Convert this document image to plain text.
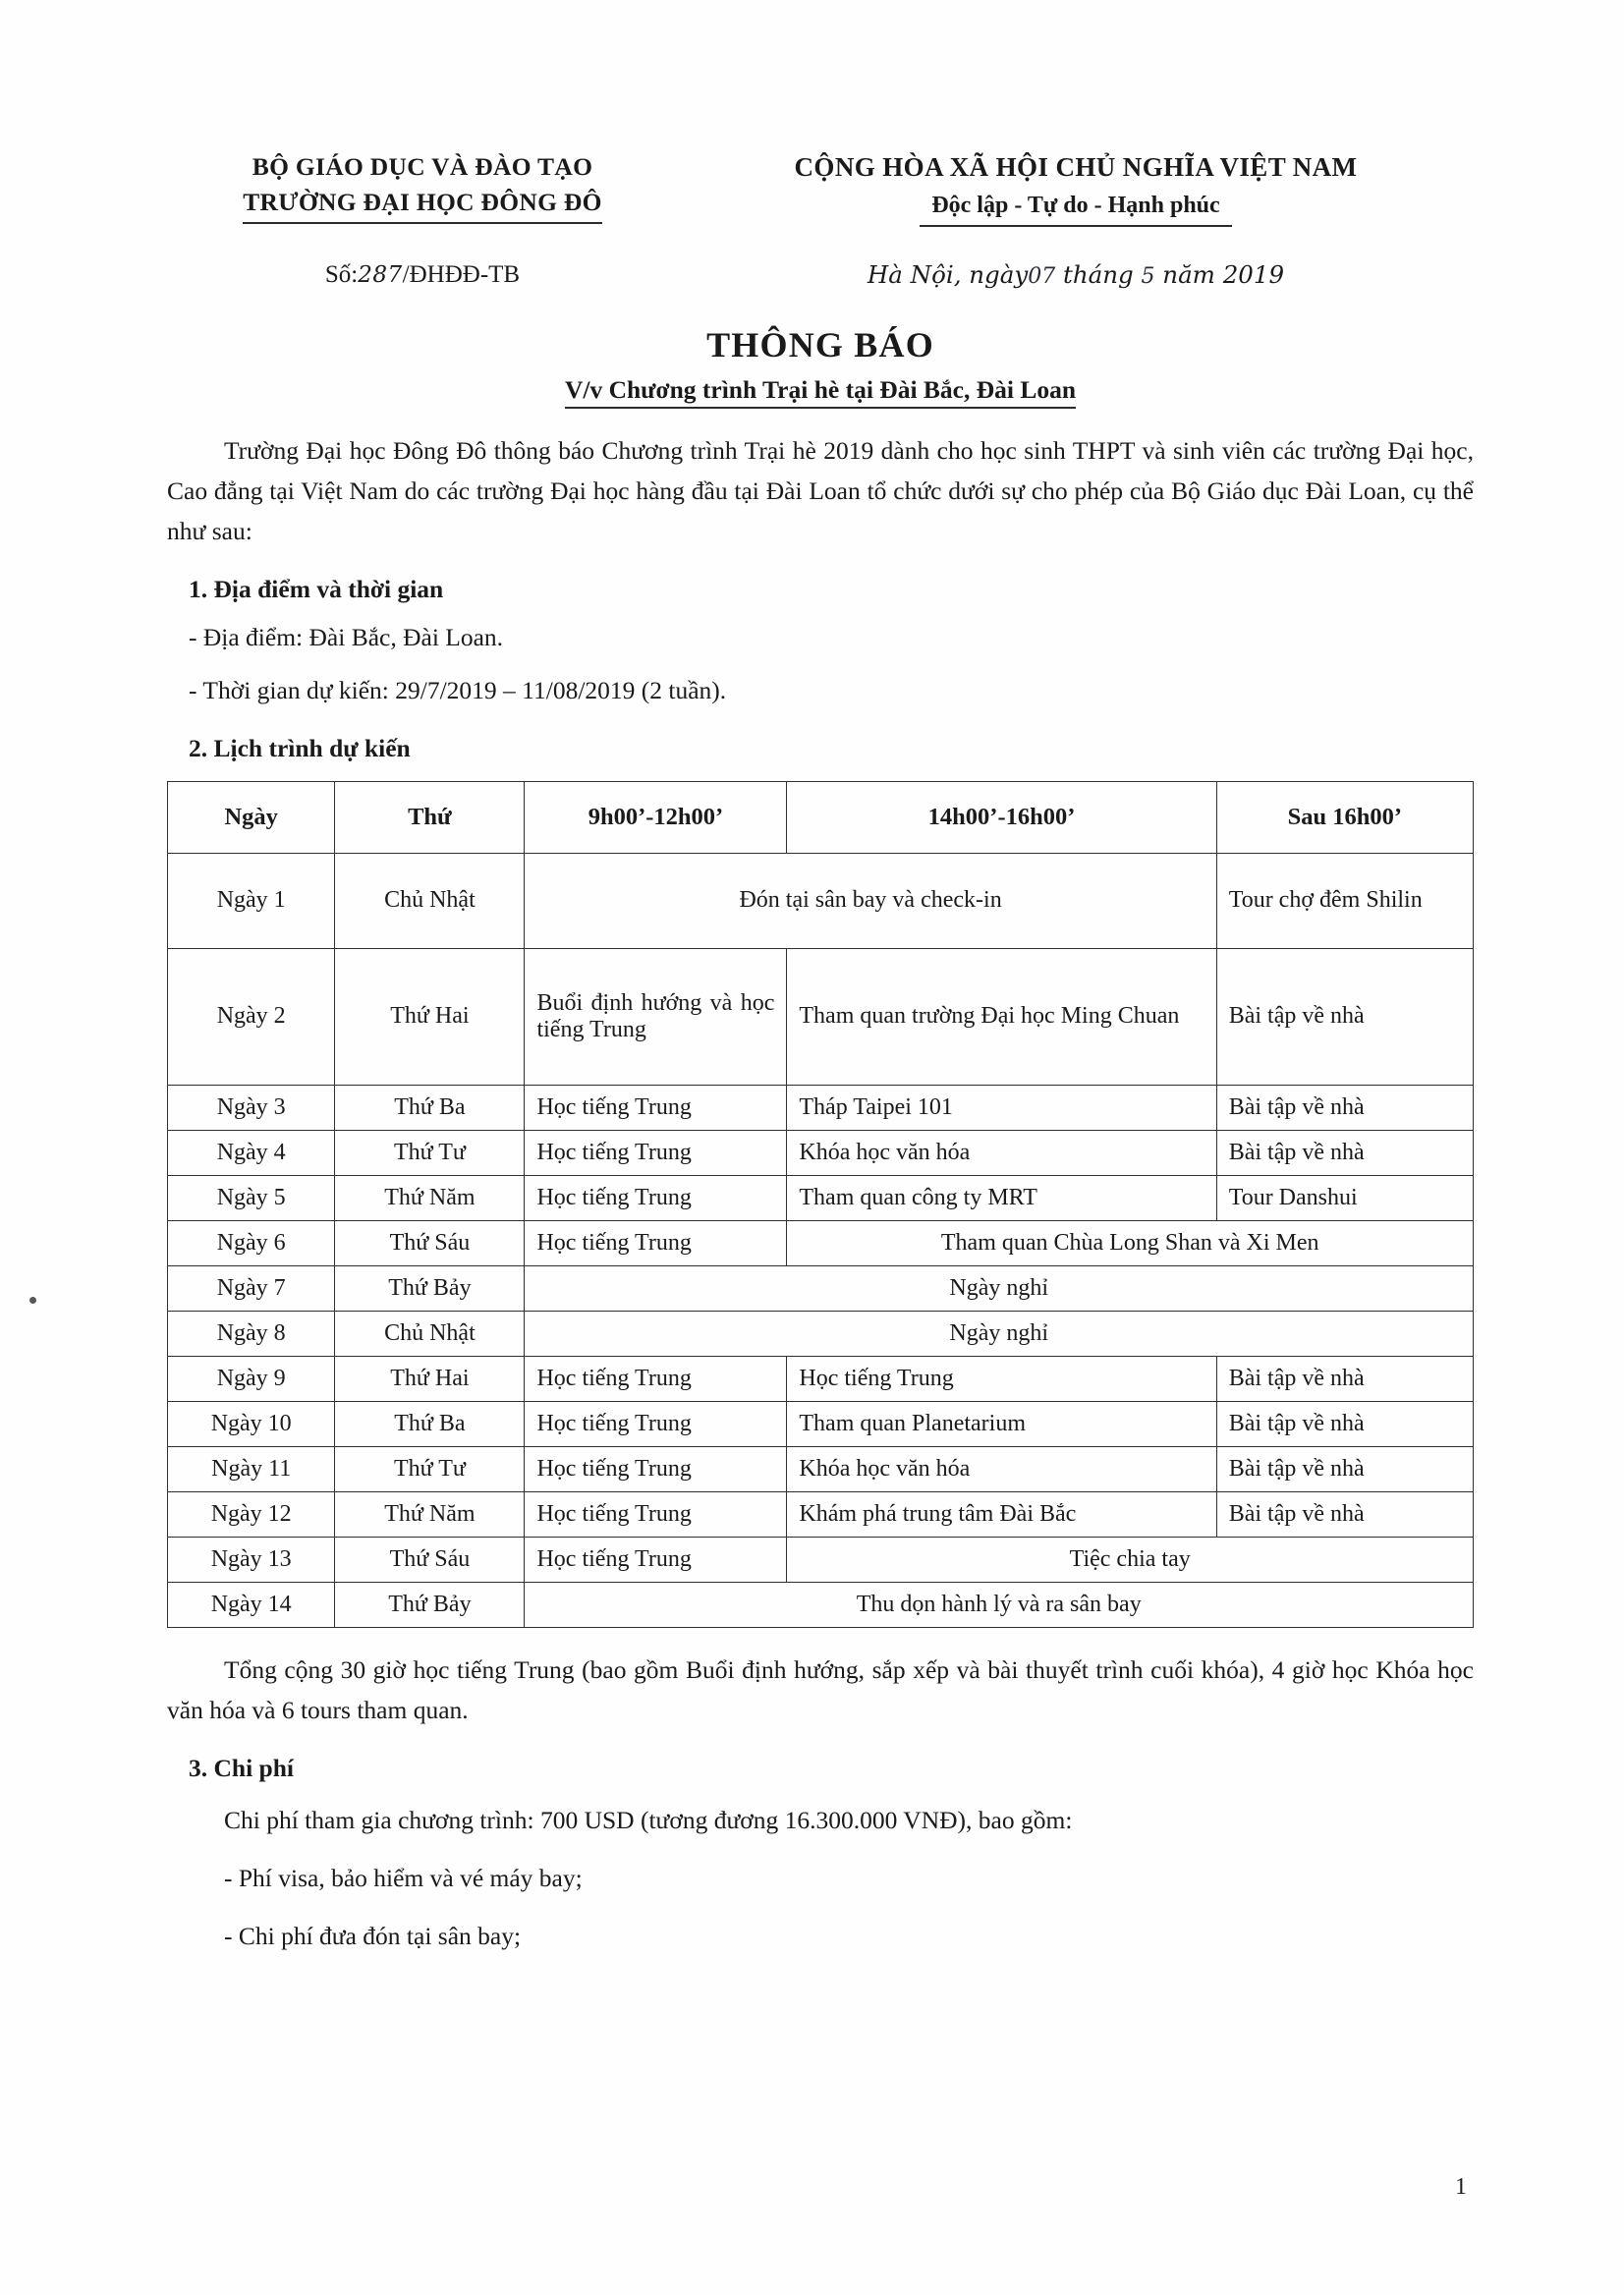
BỘ GIÁO DỤC VÀ ĐÀO TẠO
TRƯỜNG ĐẠI HỌC ĐÔNG ĐÔ
CỘNG HÒA XÃ HỘI CHỦ NGHĨA VIỆT NAM
Độc lập - Tự do - Hạnh phúc
Số:287/ĐHĐĐ-TB	Hà Nội, ngày07 tháng 5 năm 2019
THÔNG BÁO
V/v Chương trình Trại hè tại Đài Bắc, Đài Loan
Trường Đại học Đông Đô thông báo Chương trình Trại hè 2019 dành cho học sinh THPT và sinh viên các trường Đại học, Cao đẳng tại Việt Nam do các trường Đại học hàng đầu tại Đài Loan tổ chức dưới sự cho phép của Bộ Giáo dục Đài Loan, cụ thể như sau:
1. Địa điểm và thời gian
- Địa điểm: Đài Bắc, Đài Loan.
- Thời gian dự kiến: 29/7/2019 – 11/08/2019 (2 tuần).
2. Lịch trình dự kiến
Ngày	Thứ	9h00’-12h00’	14h00’-16h00’	Sau 16h00’
Ngày 1	Chủ Nhật	Đón tại sân bay và check-in		Tour chợ đêm Shilin
Ngày 2	Thứ Hai	Buổi định hướng và học tiếng Trung	Tham quan trường Đại học Ming Chuan	Bài tập về nhà
Ngày 3	Thứ Ba	Học tiếng Trung	Tháp Taipei 101	Bài tập về nhà
Ngày 4	Thứ Tư	Học tiếng Trung	Khóa học văn hóa	Bài tập về nhà
Ngày 5	Thứ Năm	Học tiếng Trung	Tham quan công ty MRT	Tour Danshui
Ngày 6	Thứ Sáu	Học tiếng Trung	Tham quan Chùa Long Shan và Xi Men	
Ngày 7	Thứ Bảy	Ngày nghỉ		
Ngày 8	Chủ Nhật	Ngày nghỉ		
Ngày 9	Thứ Hai	Học tiếng Trung	Học tiếng Trung	Bài tập về nhà
Ngày 10	Thứ Ba	Học tiếng Trung	Tham quan Planetarium	Bài tập về nhà
Ngày 11	Thứ Tư	Học tiếng Trung	Khóa học văn hóa	Bài tập về nhà
Ngày 12	Thứ Năm	Học tiếng Trung	Khám phá trung tâm Đài Bắc	Bài tập về nhà
Ngày 13	Thứ Sáu	Học tiếng Trung	Tiệc chia tay	
Ngày 14	Thứ Bảy	Thu dọn hành lý và ra sân bay		
Tổng cộng 30 giờ học tiếng Trung (bao gồm Buổi định hướng, sắp xếp và bài thuyết trình cuối khóa), 4 giờ học Khóa học văn hóa và 6 tours tham quan.
3. Chi phí
Chi phí tham gia chương trình: 700 USD (tương đương 16.300.000 VNĐ), bao gồm:
- Phí visa, bảo hiểm và vé máy bay;
- Chi phí đưa đón tại sân bay;
1
